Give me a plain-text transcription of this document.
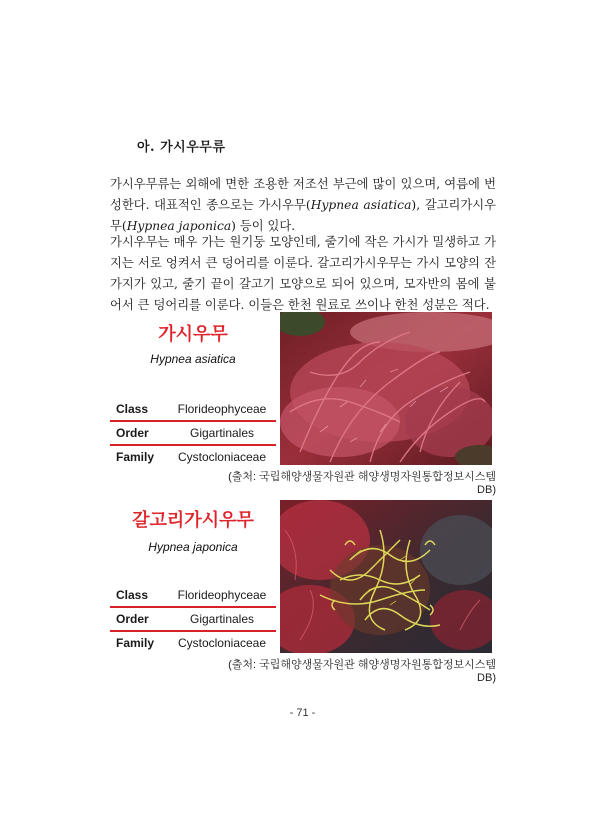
아. 가시우무류

가시우무류는 외해에 면한 조용한 저조선 부근에 많이 있으며, 여름에 번성한다. 대표적인 종으로는 가시우무(Hypnea asiatica), 갈고리가시우무(Hypnea japonica) 등이 있다.

가시우무는 매우 가는 원기둥 모양인데, 줄기에 작은 가시가 밀생하고 가지는 서로 엉켜서 큰 덩어리를 이룬다. 갈고리가시우무는 가시 모양의 잔가지가 있고, 줄기 끝이 갈고기 모양으로 되어 있으며, 모자반의 몸에 붙어서 큰 덩어리를 이룬다. 이들은 한천 원료로 쓰이나 한천 성분은 적다.

가시우무
Hypnea asiatica
Class	Florideophyceae
Order	Gigartinales
Family	Cystocloniaceae
(출처: 국립해양생물자원관 해양생명자원통합정보시스템 DB)
갈고리가시우무
Hypnea japonica
Class	Florideophyceae
Order	Gigartinales
Family	Cystocloniaceae
(출처: 국립해양생물자원관 해양생명자원통합정보시스템 DB)
- 71 -
